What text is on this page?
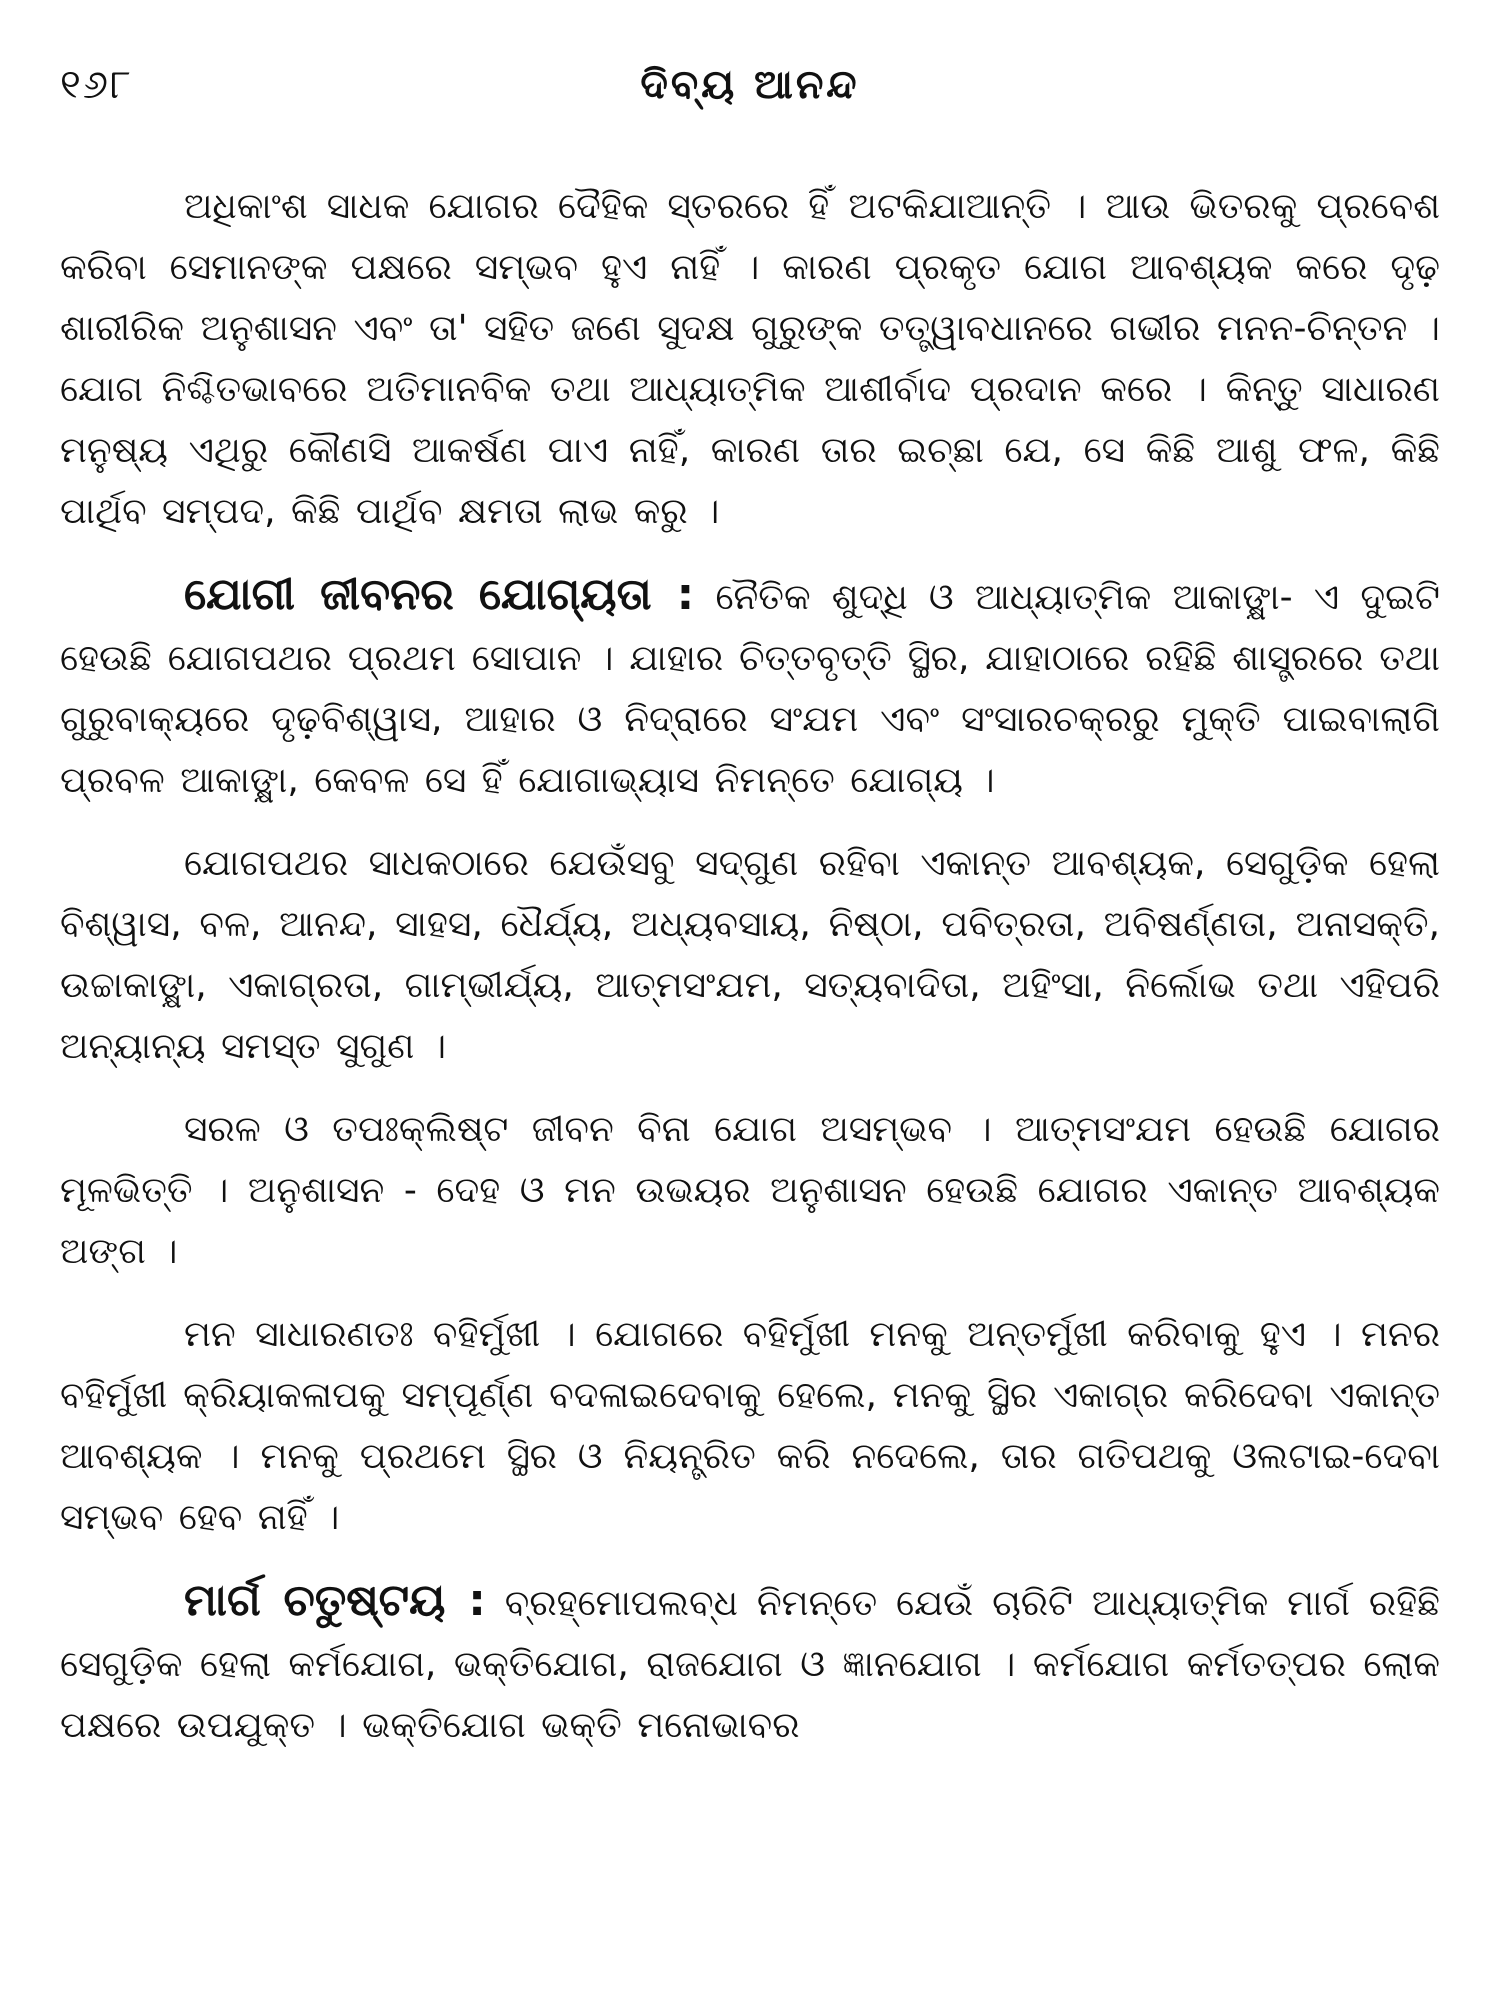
୧୬୮	ଦିବ୍ୟ ଆନନ୍ଦ

ଅଧିକାଂଶ ସାଧକ ଯୋଗର ଦୈହିକ ସ୍ତରରେ ହିଁ ଅଟକିଯାଆନ୍ତି । ଆଉ ଭିତରକୁ ପ୍ରବେଶ କରିବା ସେମାନଙ୍କ ପକ୍ଷରେ ସମ୍ଭବ ହୁଏ ନାହିଁ । କାରଣ ପ୍ରକୃତ ଯୋଗ ଆବଶ୍ୟକ କରେ ଦୃଢ଼ ଶାରୀରିକ ଅନୁଶାସନ ଏବଂ ତା' ସହିତ ଜଣେ ସୁଦକ୍ଷ ଗୁରୁଙ୍କ ତତ୍ତ୍ୱାବଧାନରେ ଗଭୀର ମନନ-ଚିନ୍ତନ । ଯୋଗ ନିଶ୍ଚିତଭାବରେ ଅତିମାନବିକ ତଥା ଆଧ୍ୟାତ୍ମିକ ଆଶୀର୍ବାଦ ପ୍ରଦାନ କରେ । କିନ୍ତୁ ସାଧାରଣ ମନୁଷ୍ୟ ଏଥିରୁ କୌଣସି ଆକର୍ଷଣ ପାଏ ନାହିଁ, କାରଣ ତାର ଇଚ୍ଛା ଯେ, ସେ କିଛି ଆଶୁ ଫଳ, କିଛି ପାର୍ଥିବ ସମ୍ପଦ, କିଛି ପାର୍ଥିବ କ୍ଷମତା ଲାଭ କରୁ ।

ଯୋଗୀ ଜୀବନର ଯୋଗ୍ୟତା : ନୈତିକ ଶୁଦ୍ଧି ଓ ଆଧ୍ୟାତ୍ମିକ ଆକାଙ୍କ୍ଷା- ଏ ଦୁଇଟି ହେଉଛି ଯୋଗପଥର ପ୍ରଥମ ସୋପାନ । ଯାହାର ଚିତ୍ତବୃତ୍ତି ସ୍ଥିର, ଯାହାଠାରେ ରହିଛି ଶାସ୍ତ୍ରରେ ତଥା ଗୁରୁବାକ୍ୟରେ ଦୃଢ଼ବିଶ୍ୱାସ, ଆହାର ଓ ନିଦ୍ରାରେ ସଂଯମ ଏବଂ ସଂସାରଚକ୍ରରୁ ମୁକ୍ତି ପାଇବାଲାଗି ପ୍ରବଳ ଆକାଙ୍କ୍ଷା, କେବଳ ସେ ହିଁ ଯୋଗାଭ୍ୟାସ ନିମନ୍ତେ ଯୋଗ୍ୟ ।

ଯୋଗପଥର ସାଧକଠାରେ ଯେଉଁସବୁ ସଦ୍‌ଗୁଣ ରହିବା ଏକାନ୍ତ ଆବଶ୍ୟକ, ସେଗୁଡ଼ିକ ହେଲା ବିଶ୍ୱାସ, ବଳ, ଆନନ୍ଦ, ସାହସ, ଧୈର୍ଯ୍ୟ, ଅଧ୍ୟବସାୟ, ନିଷ୍ଠା, ପବିତ୍ରତା, ଅବିଷର୍ଣ୍ଣତା, ଅନାସକ୍ତି, ଉଚ୍ଚାକାଙ୍କ୍ଷା, ଏକାଗ୍ରତା, ଗାମ୍ଭୀର୍ଯ୍ୟ, ଆତ୍ମସଂଯମ, ସତ୍ୟବାଦିତା, ଅହିଂସା, ନିର୍ଲୋଭ ତଥା ଏହିପରି ଅନ୍ୟାନ୍ୟ ସମସ୍ତ ସୁଗୁଣ ।

ସରଳ ଓ ତପଃକ୍ଲିଷ୍ଟ ଜୀବନ ବିନା ଯୋଗ ଅସମ୍ଭବ । ଆତ୍ମସଂଯମ ହେଉଛି ଯୋଗର ମୂଳଭିତ୍ତି । ଅନୁଶାସନ - ଦେହ ଓ ମନ ଉଭୟର ଅନୁଶାସନ ହେଉଛି ଯୋଗର ଏକାନ୍ତ ଆବଶ୍ୟକ ଅଙ୍ଗ ।

ମନ ସାଧାରଣତଃ ବହିର୍ମୁଖୀ । ଯୋଗରେ ବହିର୍ମୁଖୀ ମନକୁ ଅନ୍ତର୍ମୁଖୀ କରିବାକୁ ହୁଏ । ମନର ବହିର୍ମୁଖୀ କ୍ରିୟାକଳାପକୁ ସମ୍ପୂର୍ଣ୍ଣ ବଦଳାଇଦେବାକୁ ହେଲେ, ମନକୁ ସ୍ଥିର ଏକାଗ୍ର କରିଦେବା ଏକାନ୍ତ ଆବଶ୍ୟକ । ମନକୁ ପ୍ରଥମେ ସ୍ଥିର ଓ ନିୟନ୍ତ୍ରିତ କରି ନଦେଲେ, ତାର ଗତିପଥକୁ ଓଲଟାଇ-ଦେବା ସମ୍ଭବ ହେବ ନାହିଁ ।

ମାର୍ଗ ଚତୁଷ୍ଟୟ : ବ୍ରହ୍ମୋପଲବ୍ଧ ନିମନ୍ତେ ଯେଉଁ ଚାରିଟି ଆଧ୍ୟାତ୍ମିକ ମାର୍ଗ ରହିଛି ସେଗୁଡ଼ିକ ହେଲା କର୍ମଯୋଗ, ଭକ୍ତିଯୋଗ, ରାଜଯୋଗ ଓ ଜ୍ଞାନଯୋଗ । କର୍ମଯୋଗ କର୍ମତତ୍ପର ଲୋକ ପକ୍ଷରେ ଉପଯୁକ୍ତ । ଭକ୍ତିଯୋଗ ଭକ୍ତି ମନୋଭାବର
